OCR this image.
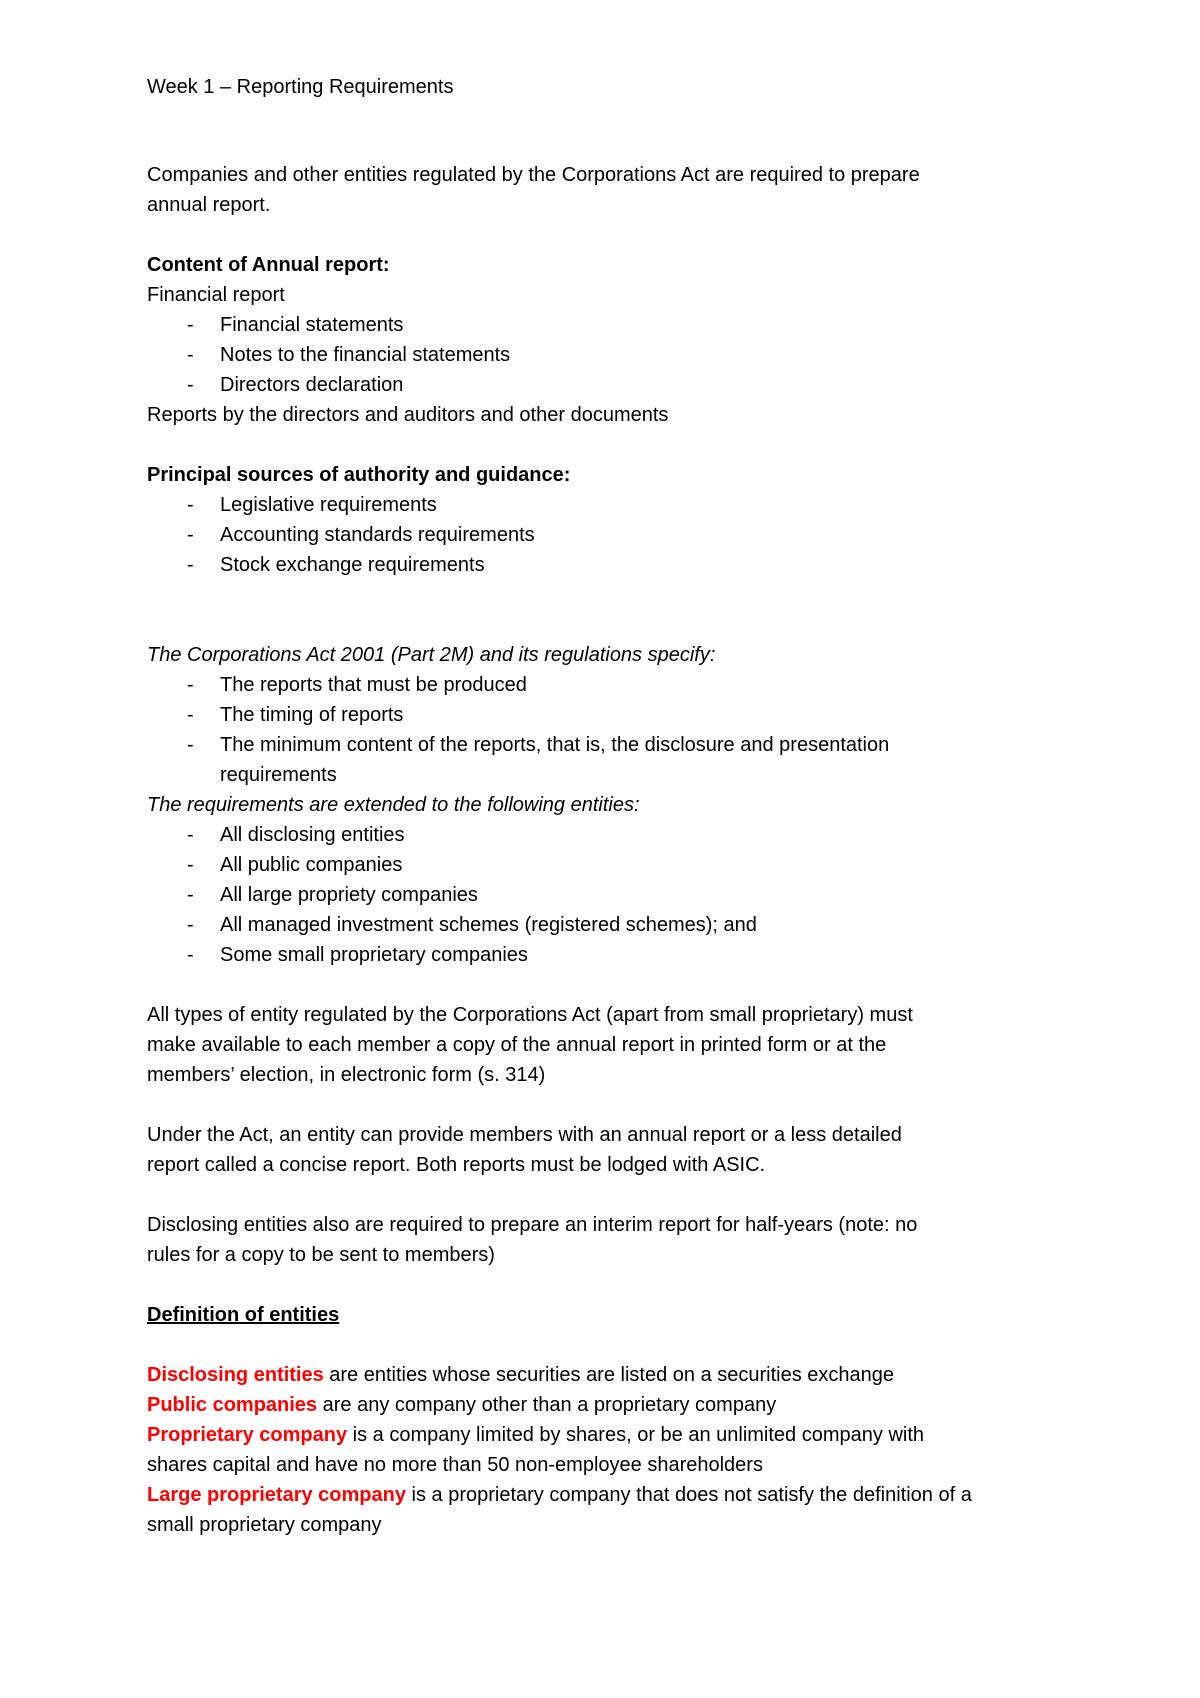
Week 1 – Reporting Requirements
Companies and other entities regulated by the Corporations Act are required to prepare
annual report.
Content of Annual report:
Financial report
- Financial statements
- Notes to the financial statements
- Directors declaration
Reports by the directors and auditors and other documents
Principal sources of authority and guidance:
- Legislative requirements
- Accounting standards requirements
- Stock exchange requirements
The Corporations Act 2001 (Part 2M) and its regulations specify:
- The reports that must be produced
- The timing of reports
- The minimum content of the reports, that is, the disclosure and presentation
requirements
The requirements are extended to the following entities:
- All disclosing entities
- All public companies
- All large propriety companies
- All managed investment schemes (registered schemes); and
- Some small proprietary companies
All types of entity regulated by the Corporations Act (apart from small proprietary) must
make available to each member a copy of the annual report in printed form or at the
members’ election, in electronic form (s. 314)
Under the Act, an entity can provide members with an annual report or a less detailed
report called a concise report. Both reports must be lodged with ASIC.
Disclosing entities also are required to prepare an interim report for half-years (note: no
rules for a copy to be sent to members)
Definition of entities
Disclosing entities are entities whose securities are listed on a securities exchange
Public companies are any company other than a proprietary company
Proprietary company is a company limited by shares, or be an unlimited company with
shares capital and have no more than 50 non-employee shareholders
Large proprietary company is a proprietary company that does not satisfy the definition of a
small proprietary company
